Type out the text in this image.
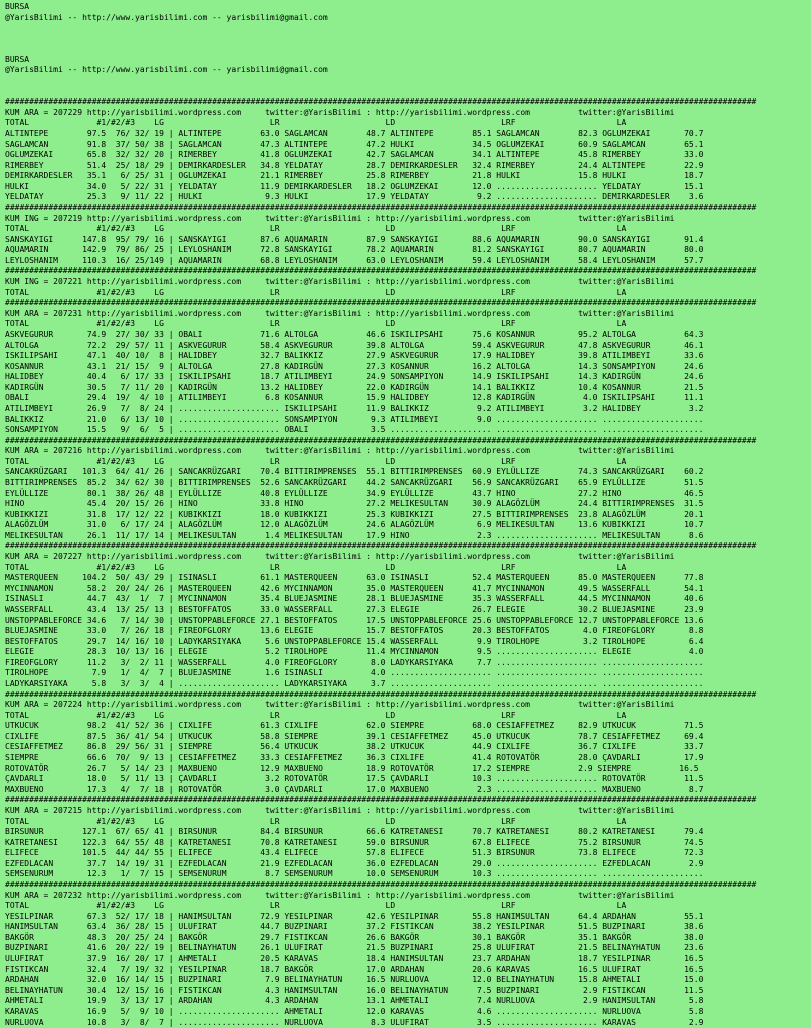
BURSA
@YarisBilimi -- http://www.yarisbilimi.com -- yarisbilimi@gmail.com
BURSA
@YarisBilimi -- http://www.yarisbilimi.com -- yarisbilimi@gmail.com
############################################################################################################################################################
KUM ARA = 207229 http://yarisbilimi.wordpress.com     twitter:@YarisBilimi : http://yarisbilimi.wordpress.com          twitter:@YarisBilimi
TOTAL              #1/#2/#3    LG                      LR                      LD                      LRF                     LA
ALTINTEPE        97.5  76/ 32/ 19 | ALTINTEPE        63.0 SAGLAMCAN        48.7 ALTINTEPE        85.1 SAGLAMCAN        82.3 OGLUMZEKAI       70.7
SAGLAMCAN        91.8  37/ 50/ 38 | SAGLAMCAN        47.3 ALTINTEPE        47.2 HULKI            34.5 OGLUMZEKAI       60.9 SAGLAMCAN        65.1
OGLUMZEKAI       65.8  32/ 32/ 20 | RIMERBEY         41.8 OGLUMZEKAI       42.7 SAGLAMCAN        34.1 ALTINTEPE        45.8 RIMERBEY         33.0
RIMERBEY         51.4  25/ 18/ 29 | DEMIRKARDESLER   34.8 YELDATAY         28.7 DEMIRKARDESLER   32.4 RIMERBEY         24.4 ALTINTEPE        22.9
DEMIRKARDESLER   35.1   6/ 25/ 31 | OGLUMZEKAI       21.1 RIMERBEY         25.8 RIMERBEY         21.8 HULKI            15.8 HULKI            18.7
HULKI            34.0   5/ 22/ 31 | YELDATAY         11.9 DEMIRKARDESLER   18.2 OGLUMZEKAI       12.0 ..................... YELDATAY         15.1
YELDATAY         25.3   9/ 11/ 22 | HULKI             9.3 HULKI            17.9 YELDATAY          9.2 ..................... DEMIRKARDESLER    3.6
############################################################################################################################################################
KUM ING = 207219 http://yarisbilimi.wordpress.com     twitter:@YarisBilimi : http://yarisbilimi.wordpress.com          twitter:@YarisBilimi
TOTAL              #1/#2/#3    LG                      LR                      LD                      LRF                     LA
SANSKAYIGI      147.8  95/ 79/ 16 | SANSKAYIGI       87.6 AQUAMARIN        87.9 SANSKAYIGI       88.6 AQUAMARIN        90.0 SANSKAYIGI       91.4
AQUAMARIN       142.9  79/ 86/ 25 | LEYLOSHANIM      72.8 SANSKAYIGI       78.2 AQUAMARIN        81.2 SANSKAYIGI       80.7 AQUAMARIN        80.0
LEYLOSHANIM     110.3  16/ 25/149 | AQUAMARIN        68.8 LEYLOSHANIM      63.0 LEYLOSHANIM      59.4 LEYLOSHANIM      58.4 LEYLOSHANIM      57.7
############################################################################################################################################################
KUM ING = 207221 http://yarisbilimi.wordpress.com     twitter:@YarisBilimi : http://yarisbilimi.wordpress.com          twitter:@YarisBilimi
TOTAL              #1/#2/#3    LG                      LR                      LD                      LRF                     LA
############################################################################################################################################################
KUM ARA = 207231 http://yarisbilimi.wordpress.com     twitter:@YarisBilimi : http://yarisbilimi.wordpress.com          twitter:@YarisBilimi
TOTAL              #1/#2/#3    LG                      LR                      LD                      LRF                     LA
ASKVEGURUR       74.9  27/ 30/ 33 | OBALI            71.6 ALTOLGA          46.6 ISKILIPSAHI      75.6 KOSANNUR         95.2 ALTOLGA          64.3
ALTOLGA          72.2  29/ 57/ 11 | ASKVEGURUR       58.4 ASKVEGURUR       39.8 ALTOLGA          59.4 ASKVEGURUR       47.8 ASKVEGURUR       46.1
ISKILIPSAHI      47.1  40/ 10/  8 | HALIDBEY         32.7 BALIKKIZ         27.9 ASKVEGURUR       17.9 HALIDBEY         39.8 ATILIMBEYI       33.6
KOSANNUR         43.1  21/ 15/  9 | ALTOLGA          27.8 KADIRGÜN         27.3 KOSANNUR         16.2 ALTOLGA          14.3 SONSAMPIYON      24.6
HALIDBEY         40.4   6/ 17/ 33 | ISKILIPSAHI      18.7 ATILIMBEYI       24.9 SONSAMPIYON      14.9 ISKILIPSAHI      14.3 KADIRGÜN         24.6
KADIRGÜN         30.5   7/ 11/ 20 | KADIRGÜN         13.2 HALIDBEY         22.0 KADIRGÜN         14.1 BALIKKIZ         10.4 KOSANNUR         21.5
OBALI            29.4  19/  4/ 10 | ATILIMBEYI        6.8 KOSANNUR         15.9 HALIDBEY         12.8 KADIRGÜN          4.0 ISKILIPSAHI      11.1
ATILIMBEYI       26.9   7/  8/ 24 | ..................... ISKILIPSAHI      11.9 BALIKKIZ          9.2 ATILIMBEYI        3.2 HALIDBEY          3.2
BALIKKIZ         21.0   6/ 13/ 10 | ..................... SONSAMPIYON       9.3 ATILIMBEYI        9.0 ..................... .....................
SONSAMPIYON      15.5   9/  6/  5 | ..................... OBALI             3.5 ..................... ..................... .....................
############################################################################################################################################################
KUM ARA = 207216 http://yarisbilimi.wordpress.com     twitter:@YarisBilimi : http://yarisbilimi.wordpress.com          twitter:@YarisBilimi
TOTAL              #1/#2/#3    LG                      LR                      LD                      LRF                     LA
SANCAKRÜZGARI   101.3  64/ 41/ 26 | SANCAKRÜZGARI    70.4 BITTIRIMPRENSES  55.1 BITTIRIMPRENSES  60.9 EYLÜLLIZE        74.3 SANCAKRÜZGARI    60.2
BITTIRIMPRENSES  85.2  34/ 62/ 30 | BITTIRIMPRENSES  52.6 SANCAKRÜZGARI    44.2 SANCAKRÜZGARI    56.9 SANCAKRÜZGARI    65.9 EYLÜLLIZE        51.5
EYLÜLLIZE        80.1  38/ 26/ 48 | EYLÜLLIZE        40.8 EYLÜLLIZE        34.9 EYLÜLLIZE        43.7 HINO             27.2 HINO             46.5
HINO             45.4  20/ 15/ 26 | HINO             33.8 HINO             27.2 MELIKESULTAN     30.9 ALAGÖZLÜM        24.4 BITTIRIMPRENSES  31.5
KUBIKKIZI        31.8  17/ 12/ 22 | KUBIKKIZI        18.0 KUBIKKIZI        25.3 KUBIKKIZI        27.5 BITTIRIMPRENSES  23.8 ALAGÖZLÜM        20.1
ALAGÖZLÜM        31.0   6/ 17/ 24 | ALAGÖZLÜM        12.0 ALAGÖZLÜM        24.6 ALAGÖZLÜM         6.9 MELIKESULTAN     13.6 KUBIKKIZI        10.7
MELIKESULTAN     26.1  11/ 17/ 14 | MELIKESULTAN      1.4 MELIKESULTAN     17.9 HINO              2.3 ..................... MELIKESULTAN      8.6
############################################################################################################################################################
KUM ARA = 207227 http://yarisbilimi.wordpress.com     twitter:@YarisBilimi : http://yarisbilimi.wordpress.com          twitter:@YarisBilimi
TOTAL              #1/#2/#3    LG                      LR                      LD                      LRF                     LA
MASTERQUEEN     104.2  50/ 43/ 29 | ISINASLI         61.1 MASTERQUEEN      63.0 ISINASLI         52.4 MASTERQUEEN      85.0 MASTERQUEEN      77.8
MYCINNAMON       58.2  20/ 24/ 26 | MASTERQUEEN      42.6 MYCINNAMON       35.0 MASTERQUEEN      41.7 MYCINNAMON       49.5 WASSERFALL       54.1
ISINASLI         44.7  43/  1/  7 | MYCINNAMON       35.4 BLUEJASMINE      28.1 BLUEJASMINE      35.3 WASSERFALL       44.5 MYCINNAMON       40.6
WASSERFALL       43.4  13/ 25/ 13 | BESTOFFATOS      33.0 WASSERFALL       27.3 ELEGIE           26.7 ELEGIE           30.2 BLUEJASMINE      23.9
UNSTOPPABLEFORCE 34.6   7/ 14/ 30 | UNSTOPPABLEFORCE 27.1 BESTOFFATOS      17.5 UNSTOPPABLEFORCE 25.6 UNSTOPPABLEFORCE 12.7 UNSTOPPABLEFORCE 13.6
BLUEJASMINE      33.0   7/ 26/ 18 | FIREOFGLORY      13.6 ELEGIE           15.7 BESTOFFATOS      20.3 BESTOFFATOS       4.0 FIREOFGLORY       8.8
BESTOFFATOS      29.7  14/ 16/ 10 | LADYKARSIYAKA     5.6 UNSTOPPABLEFORCE 15.4 WASSERFALL        9.9 TIROLHOPE         3.2 TIROLHOPE         6.4
ELEGIE           28.3  10/ 13/ 16 | ELEGIE            5.2 TIROLHOPE        11.4 MYCINNAMON        9.5 ..................... ELEGIE            4.0
FIREOFGLORY      11.2   3/  2/ 11 | WASSERFALL        4.0 FIREOFGLORY       8.0 LADYKARSIYAKA     7.7 ..................... .....................
TIROLHOPE         7.9   1/  4/  7 | BLUEJASMINE       1.6 ISINASLI          4.0 ..................... ..................... .....................
LADYKARSIYAKA     5.8   3/  3/  4 | ..................... LADYKARSIYAKA     3.7 ..................... ..................... .....................
############################################################################################################################################################
KUM ARA = 207224 http://yarisbilimi.wordpress.com     twitter:@YarisBilimi : http://yarisbilimi.wordpress.com          twitter:@YarisBilimi
TOTAL              #1/#2/#3    LG                      LR                      LD                      LRF                     LA
UTKUCUK          98.2  41/ 52/ 36 | CIXLIFE          61.3 CIXLIFE          62.0 SIEMPRE          68.0 CESIAFFETMEZ     82.9 UTKUCUK          71.5
CIXLIFE          87.5  36/ 41/ 54 | UTKUCUK          58.8 SIEMPRE          39.1 CESIAFFETMEZ     45.0 UTKUCUK          78.7 CESIAFFETMEZ     69.4
CESIAFFETMEZ     86.8  29/ 56/ 31 | SIEMPRE          56.4 UTKUCUK          38.2 UTKUCUK          44.9 CIXLIFE          36.7 CIXLIFE          33.7
SIEMPRE          66.6  70/  9/ 13 | CESIAFFETMEZ     33.3 CESIAFFETMEZ     36.3 CIXLIFE          41.4 ROTOVATÖR        28.0 ÇAVDARLI         17.9
ROTOVATÖR        26.7   5/ 14/ 23 | MAXBUENO         12.9 MAXBUENO         18.9 ROTOVATÖR        17.2 SIEMPRE          2.9 SIEMPRE          16.5
ÇAVDARLI         18.0   5/ 11/ 13 | ÇAVDARLI          3.2 ROTOVATÖR        17.5 ÇAVDARLI         10.3 ..................... ROTOVATÖR        11.5
MAXBUENO         17.3   4/  7/ 18 | ROTOVATÖR         3.0 ÇAVDARLI         17.0 MAXBUENO          2.3 ..................... MAXBUENO          8.7
############################################################################################################################################################
KUM ARA = 207215 http://yarisbilimi.wordpress.com     twitter:@YarisBilimi : http://yarisbilimi.wordpress.com          twitter:@YarisBilimi
TOTAL              #1/#2/#3    LG                      LR                      LD                      LRF                     LA
BIRSUNUR        127.1  67/ 65/ 41 | BIRSUNUR         84.4 BIRSUNUR         66.6 KATRETANESI      70.7 KATRETANESI      80.2 KATRETANESI      79.4
KATRETANESI     122.3  64/ 55/ 48 | KATRETANESI      70.8 KATRETANESI      59.0 BIRSUNUR         67.8 ELIFECE          75.2 BIRSUNUR         74.5
ELIFECE         101.5  44/ 44/ 55 | ELIFECE          43.4 ELIFECE          57.8 ELIFECE          51.3 BIRSUNUR         73.8 ELIFECE          72.3
EZFEDLACAN       37.7  14/ 19/ 31 | EZFEDLACAN       21.9 EZFEDLACAN       36.0 EZFEDLACAN       29.0 ..................... EZFEDLACAN        2.9
SEMSENURUM       12.3   1/  7/ 15 | SEMSENURUM        8.7 SEMSENURUM       10.0 SEMSENURUM       10.3 ..................... .....................
############################################################################################################################################################
KUM ARA = 207232 http://yarisbilimi.wordpress.com     twitter:@YarisBilimi : http://yarisbilimi.wordpress.com          twitter:@YarisBilimi
TOTAL              #1/#2/#3    LG                      LR                      LD                      LRF                     LA
YESILPINAR       67.3  52/ 17/ 18 | HANIMSULTAN      72.9 YESILPINAR       42.6 YESILPINAR       55.8 HANIMSULTAN      64.4 ARDAHAN          55.1
HANIMSULTAN      63.4  36/ 28/ 15 | ULUFIRAT         44.7 BUZPINARI        37.2 FISTIKCAN        38.2 YESILPINAR       51.5 BUZPINARI        38.6
BAKGÖR           48.3  20/ 25/ 24 | BAKGÖR           29.7 FISTIKCAN        26.6 BAKGÖR           30.1 BAKGÖR           35.1 BAKGÖR           38.0
BUZPINARI        41.6  20/ 22/ 19 | BELINAYHATUN     26.1 ULUFIRAT         21.5 BUZPINARI        25.8 ULUFIRAT         21.5 BELINAYHATUN     23.6
ULUFIRAT         37.9  16/ 20/ 17 | AHMETALI         20.5 KARAVAS          18.4 HANIMSULTAN      23.7 ARDAHAN          18.7 YESILPINAR       16.5
FISTIKCAN        32.4   7/ 19/ 32 | YESILPINAR       18.7 BAKGÖR           17.0 ARDAHAN          20.6 KARAVAS          16.5 ULUFIRAT         16.5
ARDAHAN          32.0  16/ 14/ 15 | BUZPINARI         7.9 BELINAYHATUN     16.5 NURLUOVA         12.0 BELINAYHATUN     15.8 AHMETALI         15.0
BELINAYHATUN     30.4  12/ 15/ 16 | FISTIKCAN         4.3 HANIMSULTAN      16.0 BELINAYHATUN      7.5 BUZPINARI         2.9 FISTIKCAN        11.5
AHMETALI         19.9   3/ 13/ 17 | ARDAHAN           4.3 ARDAHAN          13.1 AHMETALI          7.4 NURLUOVA          2.9 HANIMSULTAN       5.8
KARAVAS          16.9   5/  9/ 10 | ..................... AHMETALI         12.0 KARAVAS           4.6 ..................... NURLUOVA          5.8
NURLUOVA         10.8   3/  8/  7 | ..................... NURLUOVA          8.3 ULUFIRAT          3.5 ..................... KARAVAS           2.9
